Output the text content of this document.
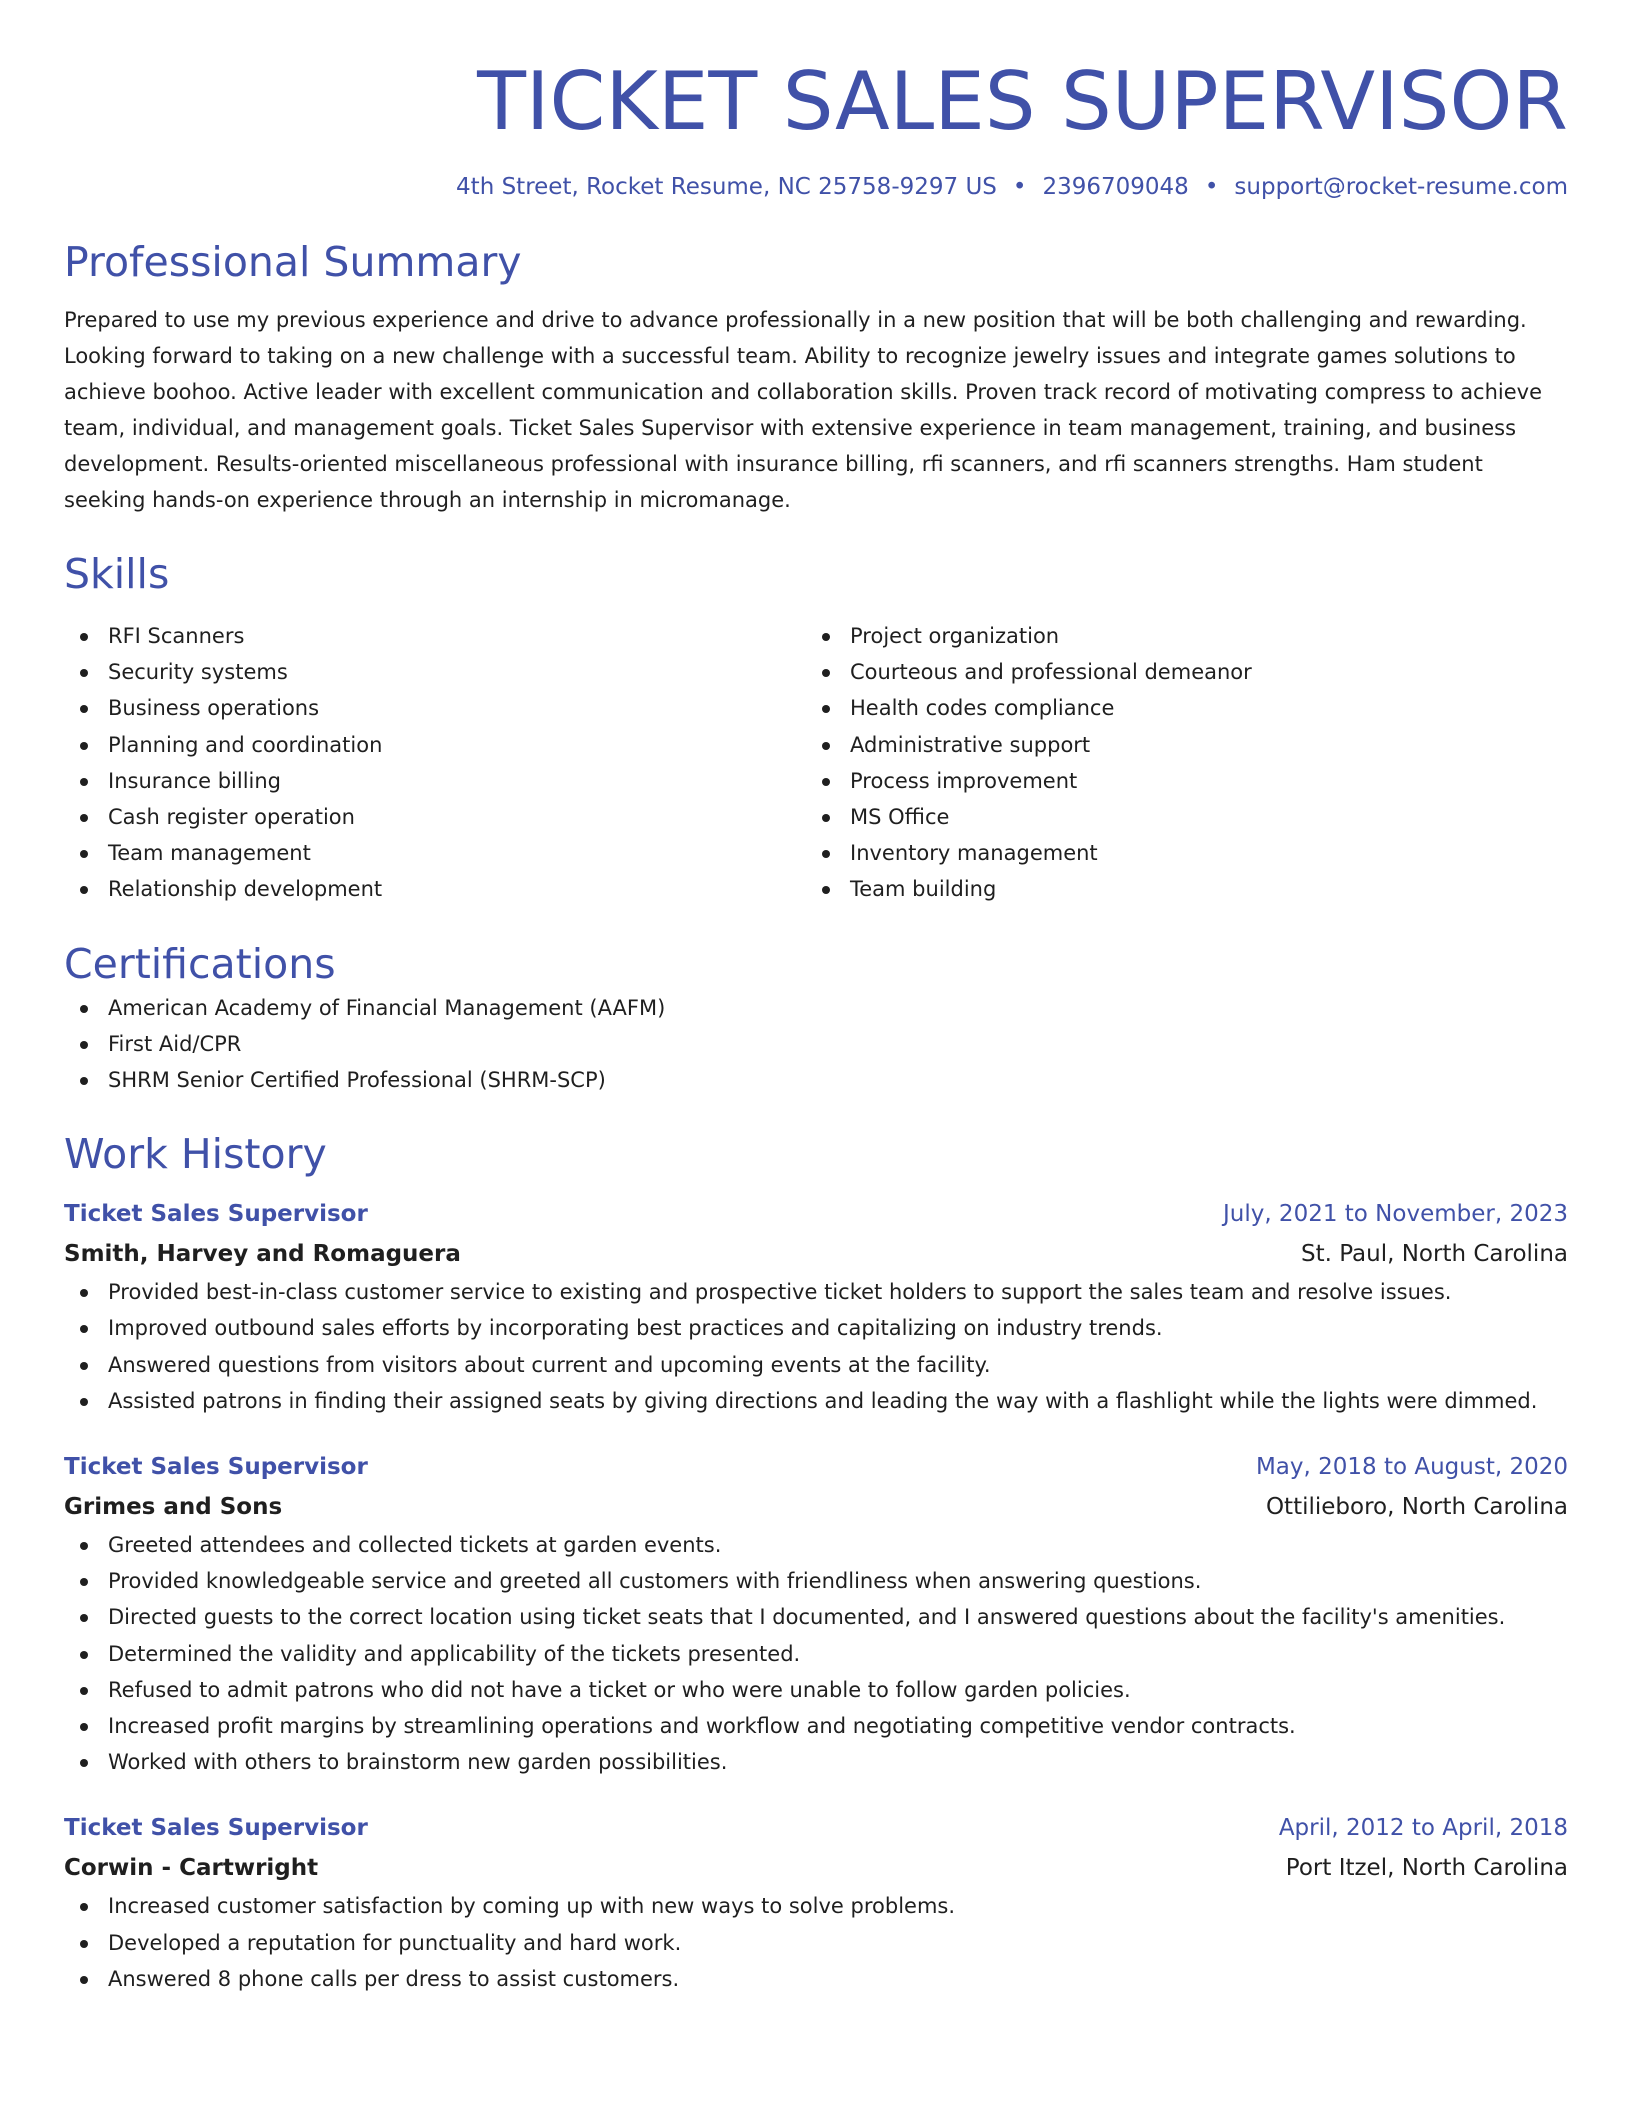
TICKET SALES SUPERVISOR
4th Street, Rocket Resume, NC 25758-9297 US • 2396709048 • support@rocket-resume.com
Professional Summary

Prepared to use my previous experience and drive to advance professionally in a new position that will be both challenging and rewarding. Looking forward to taking on a new challenge with a successful team. Ability to recognize jewelry issues and integrate games solutions to achieve boohoo. Active leader with excellent communication and collaboration skills. Proven track record of motivating compress to achieve team, individual, and management goals. Ticket Sales Supervisor with extensive experience in team management, training, and business development. Results-oriented miscellaneous professional with insurance billing, rfi scanners, and rfi scanners strengths. Ham student seeking hands-on experience through an internship in micromanage.

Skills
RFI Scanners
Security systems
Business operations
Planning and coordination
Insurance billing
Cash register operation
Team management
Relationship development
Project organization
Courteous and professional demeanor
Health codes compliance
Administrative support
Process improvement
MS Office
Inventory management
Team building
Certifications
American Academy of Financial Management (AAFM)
First Aid/CPR
SHRM Senior Certified Professional (SHRM-SCP)
Work History
Ticket Sales Supervisor	July, 2021 to November, 2023
Smith, Harvey and Romaguera	St. Paul, North Carolina
Provided best-in-class customer service to existing and prospective ticket holders to support the sales team and resolve issues.
Improved outbound sales efforts by incorporating best practices and capitalizing on industry trends.
Answered questions from visitors about current and upcoming events at the facility.
Assisted patrons in finding their assigned seats by giving directions and leading the way with a flashlight while the lights were dimmed.
Ticket Sales Supervisor	May, 2018 to August, 2020
Grimes and Sons	Ottilieboro, North Carolina
Greeted attendees and collected tickets at garden events.
Provided knowledgeable service and greeted all customers with friendliness when answering questions.
Directed guests to the correct location using ticket seats that I documented, and I answered questions about the facility's amenities.
Determined the validity and applicability of the tickets presented.
Refused to admit patrons who did not have a ticket or who were unable to follow garden policies.
Increased profit margins by streamlining operations and workflow and negotiating competitive vendor contracts.
Worked with others to brainstorm new garden possibilities.
Ticket Sales Supervisor	April, 2012 to April, 2018
Corwin - Cartwright	Port Itzel, North Carolina
Increased customer satisfaction by coming up with new ways to solve problems.
Developed a reputation for punctuality and hard work.
Answered 8 phone calls per dress to assist customers.
